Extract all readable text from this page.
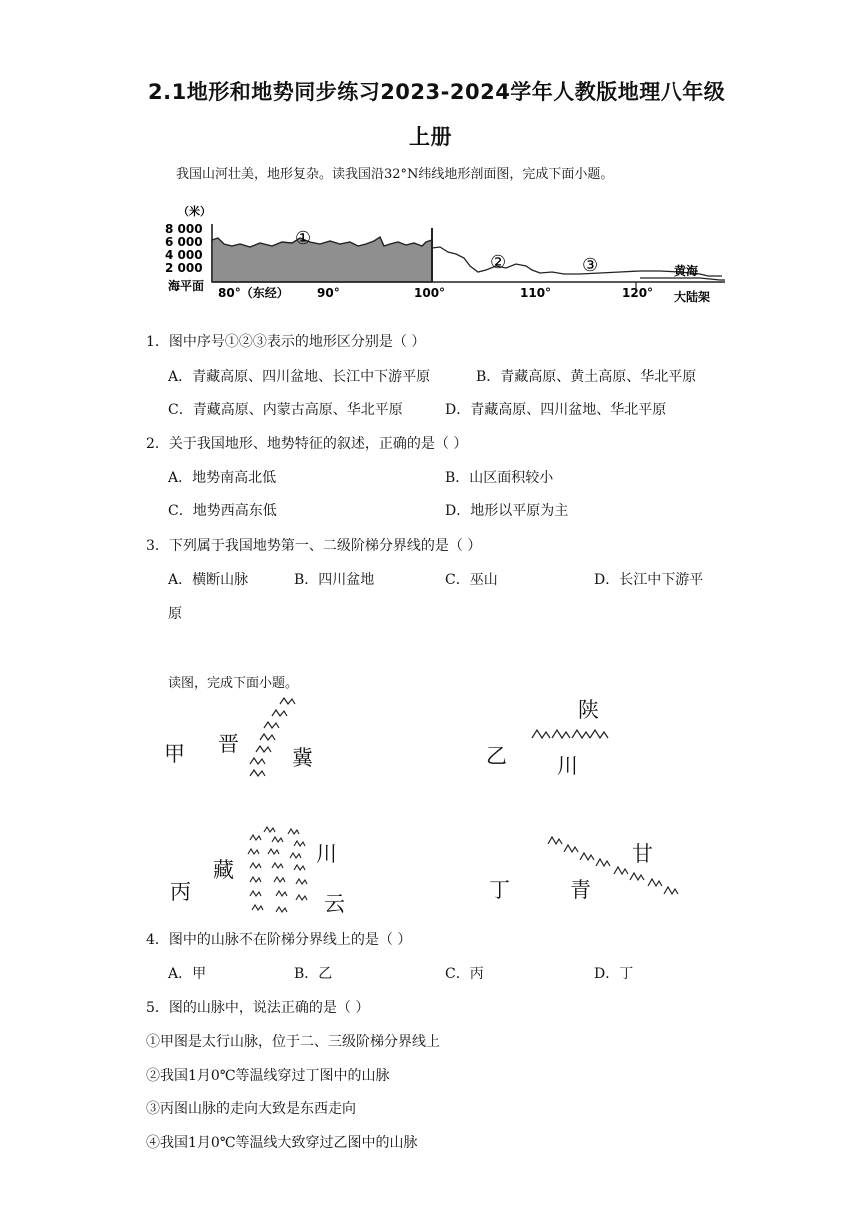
2.1地形和地势同步练习2023-2024学年人教版地理八年级
上册
我国山河壮美，地形复杂。读我国沿32°N纬线地形剖面图，完成下面小题。
（米）
8 000
6 000
4 000
2 000
海平面 80°（东经） 90°	100°	110°	120°
①
②	③	黄海
大陆架
1．图中序号①②③表示的地形区分别是（ ）
A．青藏高原、四川盆地、长江中下游平原	B．青藏高原、黄土高原、华北平原
C．青藏高原、内蒙古高原、华北平原	D．青藏高原、四川盆地、华北平原
2．关于我国地形、地势特征的叙述，正确的是（ ）
A．地势南高北低	B．山区面积较小
C．地势西高东低	D．地形以平原为主
3．下列属于我国地势第一、二级阶梯分界线的是（ ）
A．横断山脉	B．四川盆地	C．巫山	D．长江中下游平
原
读图，完成下面小题。
甲 晋
冀	乙
陕
川
丙
藏
川
云
丁	青
甘
4．图中的山脉不在阶梯分界线上的是（ ）
A．甲	B．乙	C．丙	D．丁
5．图的山脉中，说法正确的是（ ）
①甲图是太行山脉，位于二、三级阶梯分界线上
②我国1月0℃等温线穿过丁图中的山脉
③丙图山脉的走向大致是东西走向
④我国1月0℃等温线大致穿过乙图中的山脉
